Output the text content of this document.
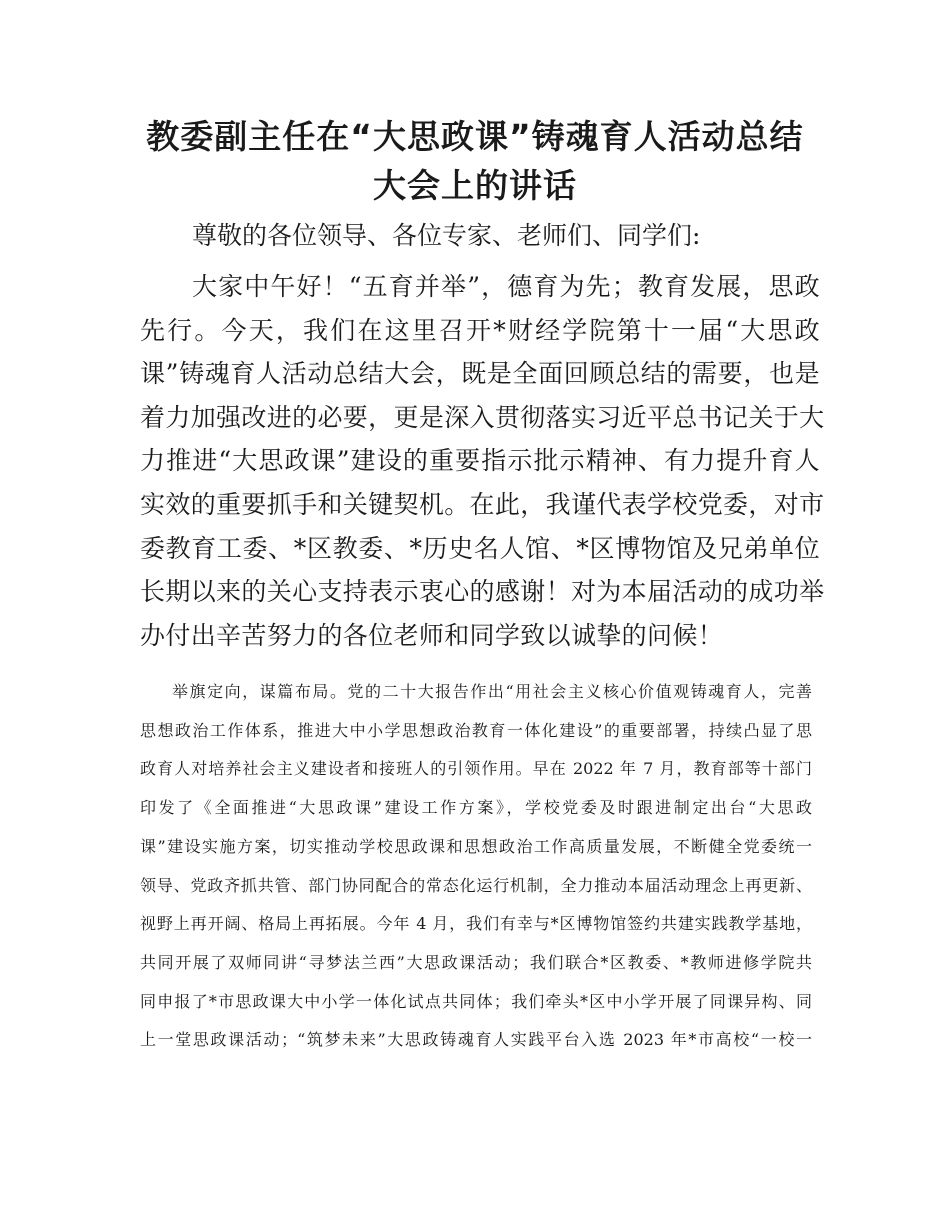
教委副主任在“大思政课”铸魂育人活动总结
大会上的讲话

尊敬的各位领导、各位专家、老师们、同学们:

大家中午好！“五育并举”，德育为先；教育发展，思政
先行。今天，我们在这里召开*财经学院第十一届“大思政
课”铸魂育人活动总结大会，既是全面回顾总结的需要，也是
着力加强改进的必要，更是深入贯彻落实习近平总书记关于大
力推进“大思政课”建设的重要指示批示精神、有力提升育人
实效的重要抓手和关键契机。在此，我谨代表学校党委，对市
委教育工委、*区教委、*历史名人馆、*区博物馆及兄弟单位
长期以来的关心支持表示衷心的感谢！对为本届活动的成功举
办付出辛苦努力的各位老师和同学致以诚挚的问候！
举旗定向，谋篇布局。党的二十大报告作出“用社会主义核心价值观铸魂育人，完善
思想政治工作体系，推进大中小学思想政治教育一体化建设”的重要部署，持续凸显了思
政育人对培养社会主义建设者和接班人的引领作用。早在 2022 年 7 月，教育部等十部门
印发了《全面推进“大思政课”建设工作方案》，学校党委及时跟进制定出台“大思政
课”建设实施方案，切实推动学校思政课和思想政治工作高质量发展，不断健全党委统一
领导、党政齐抓共管、部门协同配合的常态化运行机制，全力推动本届活动理念上再更新、
视野上再开阔、格局上再拓展。今年 4 月，我们有幸与*区博物馆签约共建实践教学基地，
共同开展了双师同讲“寻梦法兰西”大思政课活动；我们联合*区教委、*教师进修学院共
同申报了*市思政课大中小学一体化试点共同体；我们牵头*区中小学开展了同课异构、同
上一堂思政课活动；“筑梦未来”大思政铸魂育人实践平台入选 2023 年*市高校“一校一
